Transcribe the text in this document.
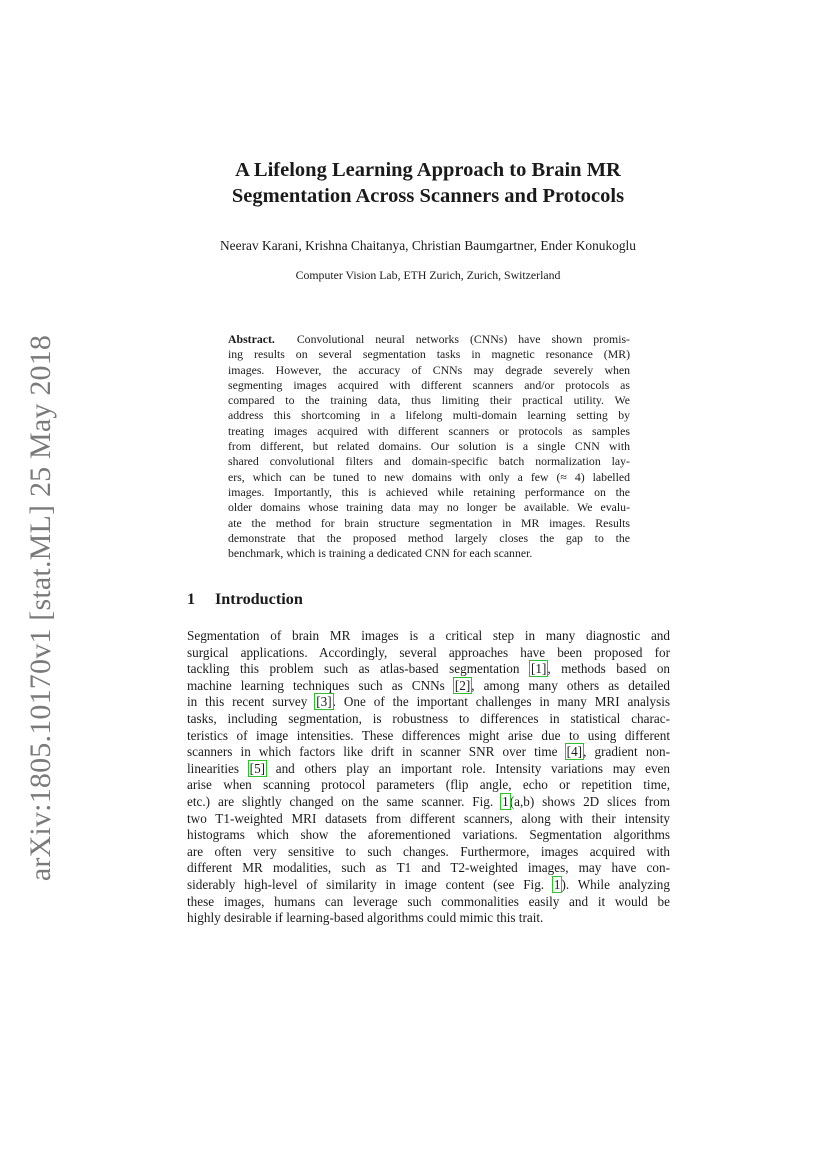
arXiv:1805.10170v1 [stat.ML] 25 May 2018
A Lifelong Learning Approach to Brain MR
Segmentation Across Scanners and Protocols
Neerav Karani, Krishna Chaitanya, Christian Baumgartner, Ender Konukoglu
Computer Vision Lab, ETH Zurich, Zurich, Switzerland
Abstract. Convolutional neural networks (CNNs) have shown promis-
ing results on several segmentation tasks in magnetic resonance (MR)
images. However, the accuracy of CNNs may degrade severely when
segmenting images acquired with different scanners and/or protocols as
compared to the training data, thus limiting their practical utility. We
address this shortcoming in a lifelong multi-domain learning setting by
treating images acquired with different scanners or protocols as samples
from different, but related domains. Our solution is a single CNN with
shared convolutional filters and domain-specific batch normalization lay-
ers, which can be tuned to new domains with only a few (≈ 4) labelled
images. Importantly, this is achieved while retaining performance on the
older domains whose training data may no longer be available. We evalu-
ate the method for brain structure segmentation in MR images. Results
demonstrate that the proposed method largely closes the gap to the
benchmark, which is training a dedicated CNN for each scanner.
1 Introduction
Segmentation of brain MR images is a critical step in many diagnostic and
surgical applications. Accordingly, several approaches have been proposed for
tackling this problem such as atlas-based segmentation [1], methods based on
machine learning techniques such as CNNs [2], among many others as detailed
in this recent survey [3]. One of the important challenges in many MRI analysis
tasks, including segmentation, is robustness to differences in statistical charac-
teristics of image intensities. These differences might arise due to using different
scanners in which factors like drift in scanner SNR over time [4], gradient non-
linearities [5] and others play an important role. Intensity variations may even
arise when scanning protocol parameters (flip angle, echo or repetition time,
etc.) are slightly changed on the same scanner. Fig. 1(a,b) shows 2D slices from
two T1-weighted MRI datasets from different scanners, along with their intensity
histograms which show the aforementioned variations. Segmentation algorithms
are often very sensitive to such changes. Furthermore, images acquired with
different MR modalities, such as T1 and T2-weighted images, may have con-
siderably high-level of similarity in image content (see Fig. 1). While analyzing
these images, humans can leverage such commonalities easily and it would be
highly desirable if learning-based algorithms could mimic this trait.
